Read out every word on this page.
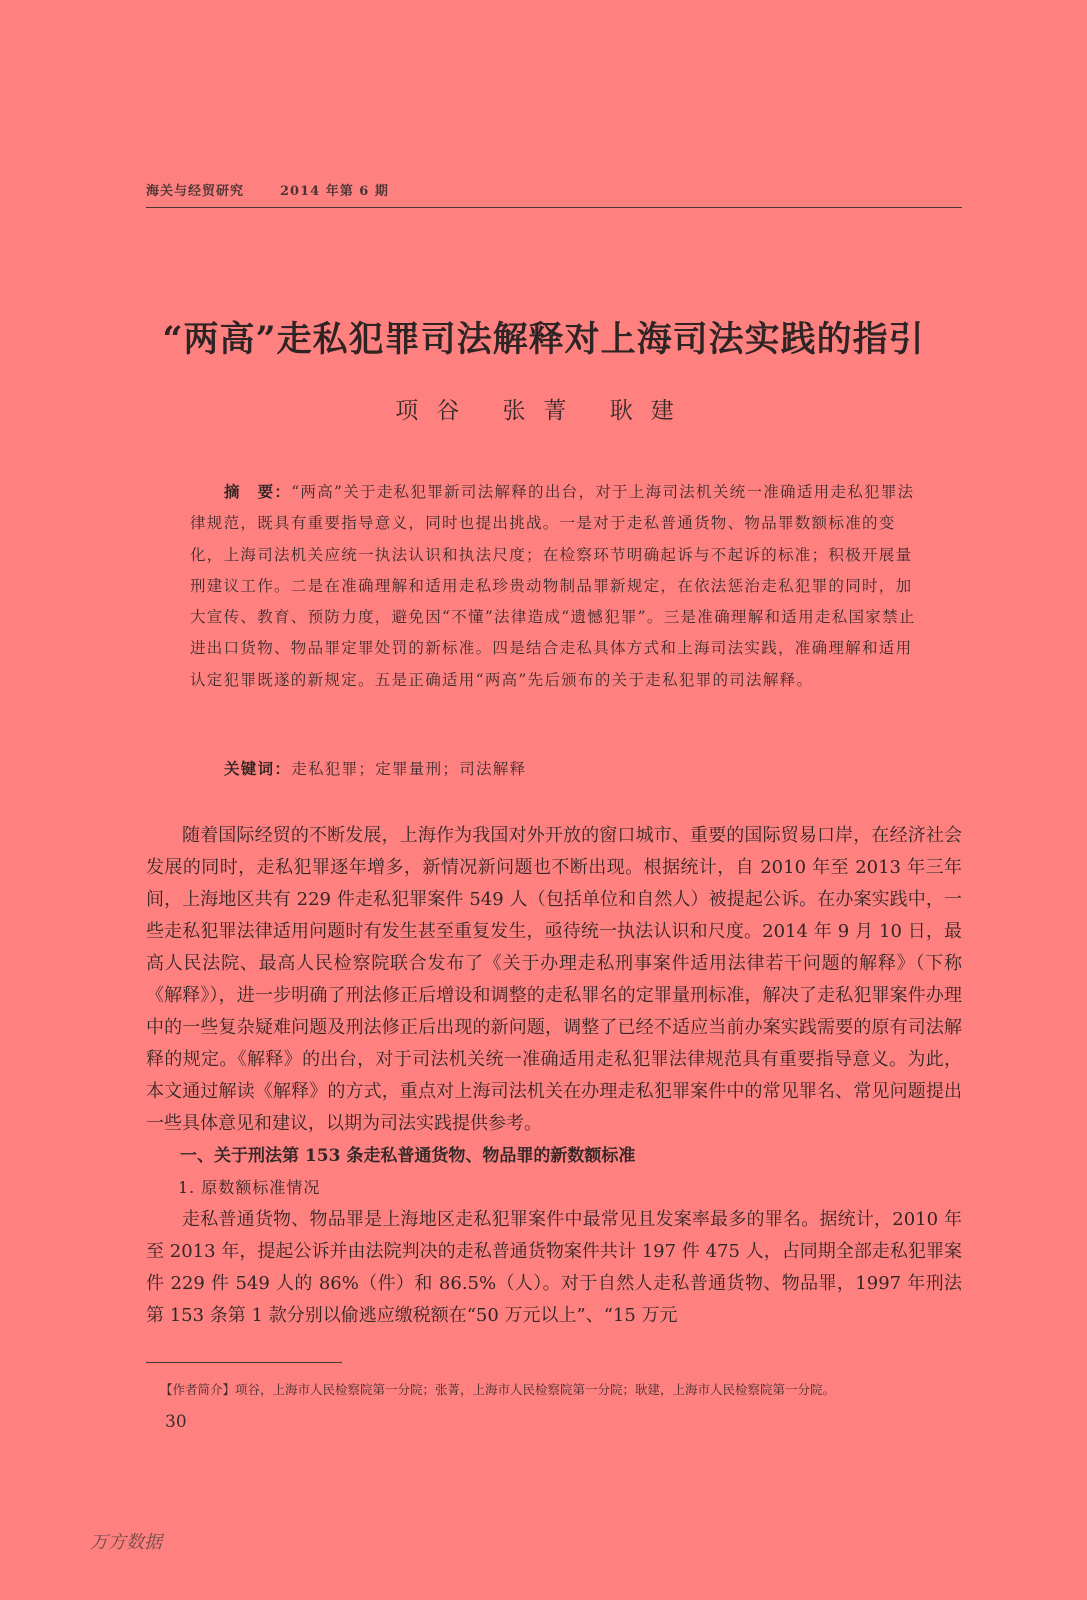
海关与经贸研究	2014 年第 6 期
“两高”走私犯罪司法解释对上海司法实践的指引
项谷 张菁 耿建
摘　要：“两高”关于走私犯罪新司法解释的出台，对于上海司法机关统一准确适用走私犯罪法律规范，既具有重要指导意义，同时也提出挑战。一是对于走私普通货物、物品罪数额标准的变化，上海司法机关应统一执法认识和执法尺度；在检察环节明确起诉与不起诉的标准；积极开展量刑建议工作。二是在准确理解和适用走私珍贵动物制品罪新规定，在依法惩治走私犯罪的同时，加大宣传、教育、预防力度，避免因“不懂”法律造成“遗憾犯罪”。三是准确理解和适用走私国家禁止进出口货物、物品罪定罪处罚的新标准。四是结合走私具体方式和上海司法实践，准确理解和适用认定犯罪既遂的新规定。五是正确适用“两高”先后颁布的关于走私犯罪的司法解释。
关键词：走私犯罪；定罪量刑；司法解释

随着国际经贸的不断发展，上海作为我国对外开放的窗口城市、重要的国际贸易口岸，在经济社会发展的同时，走私犯罪逐年增多，新情况新问题也不断出现。根据统计，自 2010 年至 2013 年三年间，上海地区共有 229 件走私犯罪案件 549 人（包括单位和自然人）被提起公诉。在办案实践中，一些走私犯罪法律适用问题时有发生甚至重复发生，亟待统一执法认识和尺度。2014 年 9 月 10 日，最高人民法院、最高人民检察院联合发布了《关于办理走私刑事案件适用法律若干问题的解释》（下称《解释》），进一步明确了刑法修正后增设和调整的走私罪名的定罪量刑标准，解决了走私犯罪案件办理中的一些复杂疑难问题及刑法修正后出现的新问题，调整了已经不适应当前办案实践需要的原有司法解释的规定。《解释》的出台，对于司法机关统一准确适用走私犯罪法律规范具有重要指导意义。为此，本文通过解读《解释》的方式，重点对上海司法机关在办理走私犯罪案件中的常见罪名、常见问题提出一些具体意见和建议，以期为司法实践提供参考。

一、关于刑法第 153 条走私普通货物、物品罪的新数额标准

1. 原数额标准情况

走私普通货物、物品罪是上海地区走私犯罪案件中最常见且发案率最多的罪名。据统计，2010 年至 2013 年，提起公诉并由法院判决的走私普通货物案件共计 197 件 475 人，占同期全部走私犯罪案件 229 件 549 人的 86%（件）和 86.5%（人）。对于自然人走私普通货物、物品罪，1997 年刑法第 153 条第 1 款分别以偷逃应缴税额在“50 万元以上”、“15 万元

【作者简介】项谷，上海市人民检察院第一分院；张菁，上海市人民检察院第一分院；耿建，上海市人民检察院第一分院。
30
万方数据
